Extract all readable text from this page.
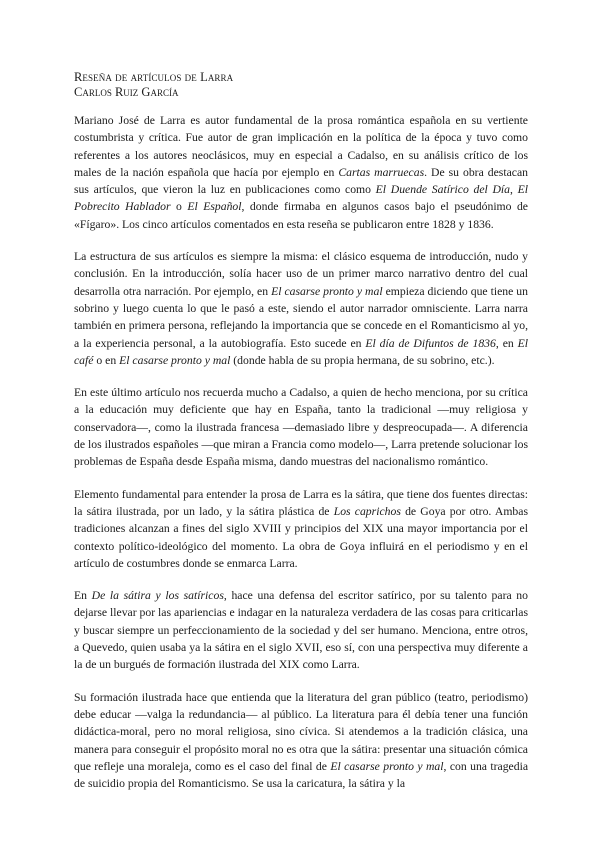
Reseña de artículos de Larra
Carlos Ruiz García

Mariano José de Larra es autor fundamental de la prosa romántica española en su vertiente costumbrista y crítica. Fue autor de gran implicación en la política de la época y tuvo como referentes a los autores neoclásicos, muy en especial a Cadalso, en su análisis crítico de los males de la nación española que hacía por ejemplo en Cartas marruecas. De su obra destacan sus artículos, que vieron la luz en publicaciones como como El Duende Satírico del Día, El Pobrecito Hablador o El Español, donde firmaba en algunos casos bajo el pseudónimo de «Fígaro». Los cinco artículos comentados en esta reseña se publicaron entre 1828 y 1836.

La estructura de sus artículos es siempre la misma: el clásico esquema de introducción, nudo y conclusión. En la introducción, solía hacer uso de un primer marco narrativo dentro del cual desarrolla otra narración. Por ejemplo, en El casarse pronto y mal empieza diciendo que tiene un sobrino y luego cuenta lo que le pasó a este, siendo el autor narrador omnisciente. Larra narra también en primera persona, reflejando la importancia que se concede en el Romanticismo al yo, a la experiencia personal, a la autobiografía. Esto sucede en El día de Difuntos de 1836, en El café o en El casarse pronto y mal (donde habla de su propia hermana, de su sobrino, etc.).

En este último artículo nos recuerda mucho a Cadalso, a quien de hecho menciona, por su crítica a la educación muy deficiente que hay en España, tanto la tradicional —muy religiosa y conservadora—, como la ilustrada francesa —demasiado libre y despreocupada—. A diferencia de los ilustrados españoles —que miran a Francia como modelo—, Larra pretende solucionar los problemas de España desde España misma, dando muestras del nacionalismo romántico.

Elemento fundamental para entender la prosa de Larra es la sátira, que tiene dos fuentes directas: la sátira ilustrada, por un lado, y la sátira plástica de Los caprichos de Goya por otro. Ambas tradiciones alcanzan a fines del siglo XVIII y principios del XIX una mayor importancia por el contexto político-ideológico del momento. La obra de Goya influirá en el periodismo y en el artículo de costumbres donde se enmarca Larra.

En De la sátira y los satíricos, hace una defensa del escritor satírico, por su talento para no dejarse llevar por las apariencias e indagar en la naturaleza verdadera de las cosas para criticarlas y buscar siempre un perfeccionamiento de la sociedad y del ser humano. Menciona, entre otros, a Quevedo, quien usaba ya la sátira en el siglo XVII, eso sí, con una perspectiva muy diferente a la de un burgués de formación ilustrada del XIX como Larra.

Su formación ilustrada hace que entienda que la literatura del gran público (teatro, periodismo) debe educar —valga la redundancia— al público. La literatura para él debía tener una función didáctica-moral, pero no moral religiosa, sino cívica. Si atendemos a la tradición clásica, una manera para conseguir el propósito moral no es otra que la sátira: presentar una situación cómica que refleje una moraleja, como es el caso del final de El casarse pronto y mal, con una tragedia de suicidio propia del Romanticismo. Se usa la caricatura, la sátira y la
